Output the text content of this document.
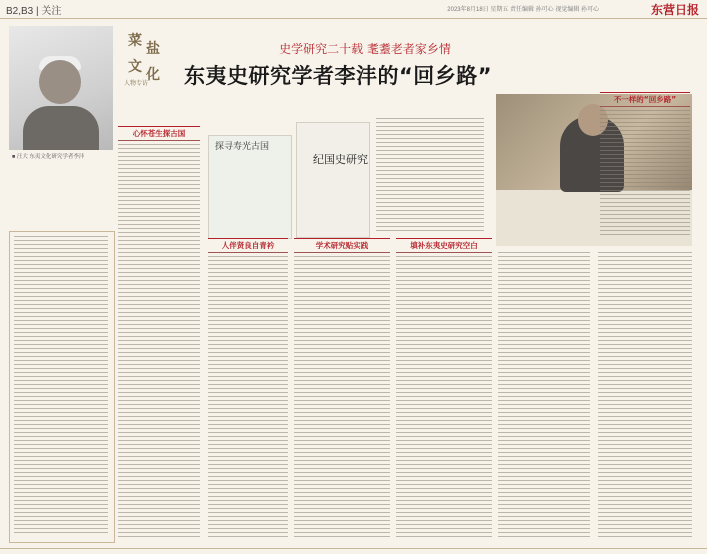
B2,B3 | 关注	2023年8月18日 星期五 责任编辑 孙可心 视觉编辑 孙可心	东营日报
■ 汪大 东夷文化研究学者李沣
菜 盐
文 化
人物专访
史学研究二十载 耄耋老者家乡情
东夷史研究学者李沣的“回乡路”
心怀苍生探古国
探寻寿光古国
纪国史研究
人伴贤良自青衿	学术研究贴实践	填补东夷史研究空白
不一样的“回乡路”
